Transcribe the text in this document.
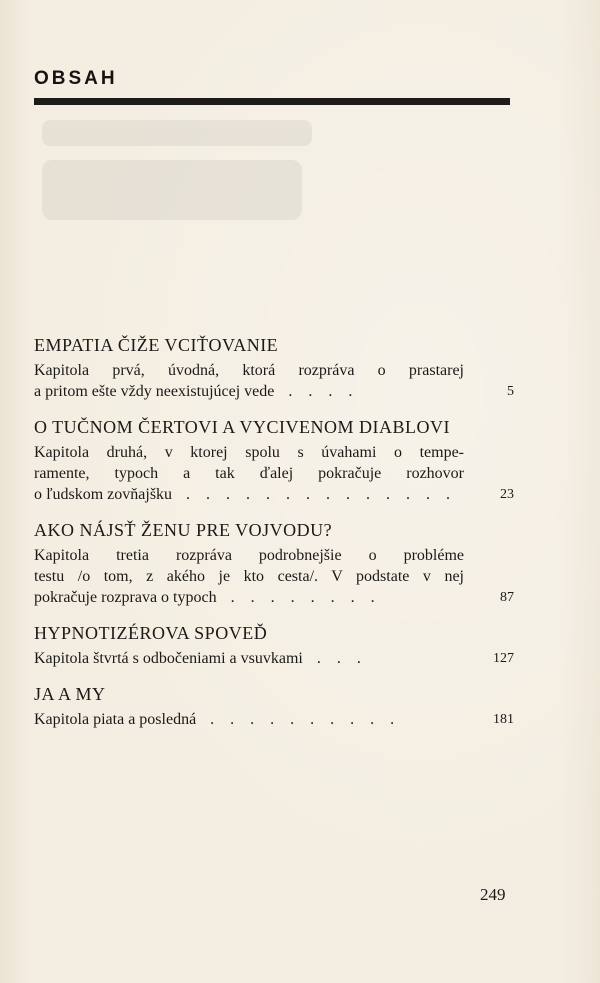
OBSAH
EMPATIA ČIŽE VCIŤOVANIE
Kapitola prvá, úvodná, ktorá rozpráva o prastarej
a pritom ešte vždy neexistujúcej vede . . . .	5
O TUČNOM ČERTOVI A VYCIVENOM DIABLOVI
Kapitola druhá, v ktorej spolu s úvahami o tempe-
ramente, typoch a tak ďalej pokračuje rozhovor
o ľudskom zovňajšku . . . . . . . . . . . . . .	23
AKO NÁJSŤ ŽENU PRE VOJVODU?
Kapitola tretia rozpráva podrobnejšie o probléme
testu /o tom, z akého je kto cesta/. V podstate v nej
pokračuje rozprava o typoch . . . . . . . .	87
HYPNOTIZÉROVA SPOVEĎ
Kapitola štvrtá s odbočeniami a vsuvkami . . .	127
JA A MY
Kapitola piata a posledná . . . . . . . . . .	181
249
